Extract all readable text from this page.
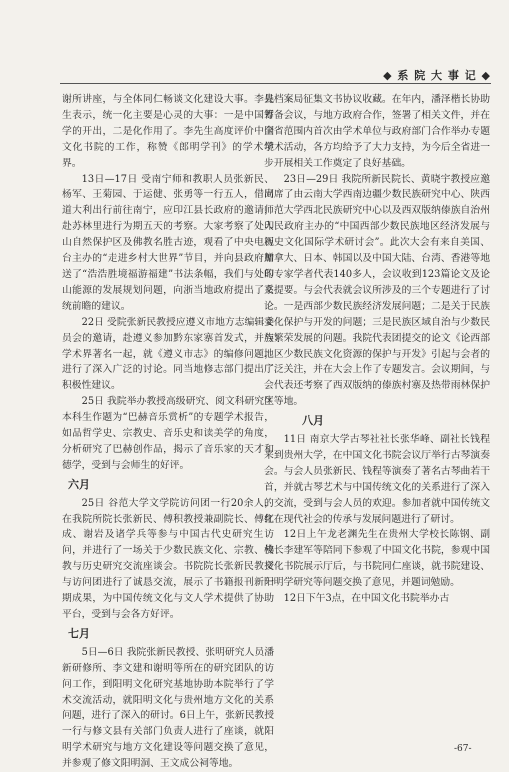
◆ 系 院 大 事 记 ◆

谢所讲座，与全体同仁畅谈文化建设大事。李先生表示，统一化主要是心灵的大事：一是中国哲学的开出，二是化作用了。李先生高度评价中国文化书院的工作，称赞《郎明学刊》的学术境界。

13日—17日 受南宁师和教职人员张新民、杨军、王菊园、于运健、张勇等一行五人，借同道大利出行前往南宁，应印江县长政府的邀请，赴苏林里进行为期五天的考察。大家考察了处印山自然保护区及佛教名胜古迹，观看了中央电视台主办的“走进乡村大世界”节目，并向县政府赠送了“浩浩胜境福游福建”书法条幅，我们与处印山能源的发展规划问题，向浙当地政府提出了系统前瞻的建议。

22日 受院张新民教授应遵义市地方志编辑委员会的邀请，赴遵义参加黔东家寨首发式，并与学术界著名一起，就《遵义市志》的编修问题，进行了深入广泛的讨论。同当地修志部门提出了积极性建议。

25日 我院举办教授高级研究、阅文科研究生本科生作题为“巴赫音乐赏析”的专题学术报告，如品哲学史、宗教史、音乐史和读美学的角度，分析研究了巴赫创作品，揭示了音乐家的天才和德学，受到与会师生的好评。

六月

25日 谷范大学文学院访问团一行20余人，在我院所院长张新民、傅积教授兼副院长、傅红成、谢岩及诸学兵等参与中国古代史研究生访问，并进行了一场关于少数民族文化、宗教、佛教与历史研究交流座谈会。书院院长张新民教授与访问团进行了诚恳交流，展示了书籍报刊新一期成果，为中国传统文化与文人学术提供了协助平台，受到与会各方好评。

七月

5日—6日 我院张新民教授、张明研究人员潘新研修所、李文建和谢明等所在的研究团队的访问工作，到阳明文化研究基地协助本院举行了学术交流活动，就阳明文化与贵州地方文化的关系问题，进行了深入的研讨。6日上午，张新民教授一行与修文县有关部门负责人进行了座谈，就阳明学术研究与地方文化建设等问题交换了意见，并参观了修文阳明洞、王文成公祠等地。

县档案局征集文书协议收藏。在年内，潘泽楷长协助筹备会议，与地方政府合作，签署了相关文件，并在全省范围内首次由学术单位与政府部门合作举办专题学术活动，各方均给予了大力支持，为今后全省进一步开展相关工作奠定了良好基础。

23日—29日 我院所新民院长、黄晓宇教授应邀出席了由云南大学西南边疆少数民族研究中心、陕西师范大学西北民族研究中心以及西双版纳傣族自治州人民政府主办的“中国西部少数民族地区经济发展与历史文化国际学术研讨会”。此次大会有来自美国、加拿大、日本、韩国以及中国大陆、台湾、香港等地的专家学者代表140多人，会议收到123篇论文及论文提要。与会代表就会议所涉及的三个专题进行了讨论。一是西部少数民族经济发展问题；二是关于民族文化保护与开发的问题；三是民族区域自治与少数民族繁荣发展的问题。我院代表团提交的论文《论西部地区少数民族文化资源的保护与开发》引起与会者的广泛关注，并在大会上作了专题发言。会议期间，与会代表还考察了西双版纳的傣族村寨及热带雨林保护区等地。

八月

11日 南京大学古琴社社长张华峰、副社长钱程来到贵州大学，在中国文化书院会议厅举行古琴演奏会。与会人员张新民、钱程等演奏了著名古琴曲若干首，并就古琴艺术与中国传统文化的关系进行了深入的交流，受到与会人员的欢迎。参加者就中国传统文化在现代社会的传承与发展问题进行了研讨。

12日上午龙老渊先生在贵州大学校长陈钢、副校长李建军等陪同下参观了中国文化书院，参观中国文化书院展示厅后，与书院同仁座谈，就书院建设、阳明学研究等问题交换了意见，并题词勉励。

12日下午3点，在中国文化书院举办古

-67-
